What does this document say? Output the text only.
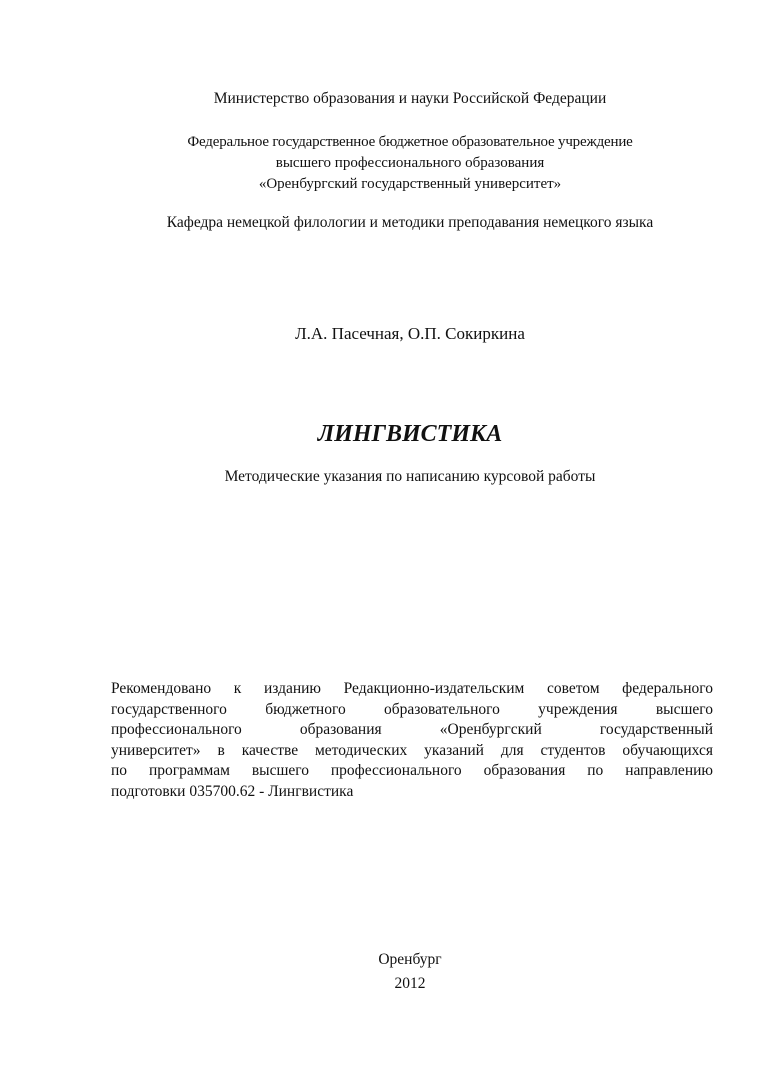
Министерство образования и науки Российской Федерации
Федеральное государственное бюджетное образовательное учреждение
высшего профессионального образования
«Оренбургский государственный университет»
Кафедра немецкой филологии и методики преподавания немецкого языка
Л.А. Пасечная, О.П. Сокиркина
ЛИНГВИСТИКА
Методические указания по написанию курсовой работы
Рекомендовано к изданию Редакционно-издательским советом федерального
государственного бюджетного образовательного учреждения высшего
профессионального образования «Оренбургский государственный
университет» в качестве методических указаний для студентов обучающихся
по программам высшего профессионального образования по направлению
подготовки 035700.62 - Лингвистика
Оренбург
2012
